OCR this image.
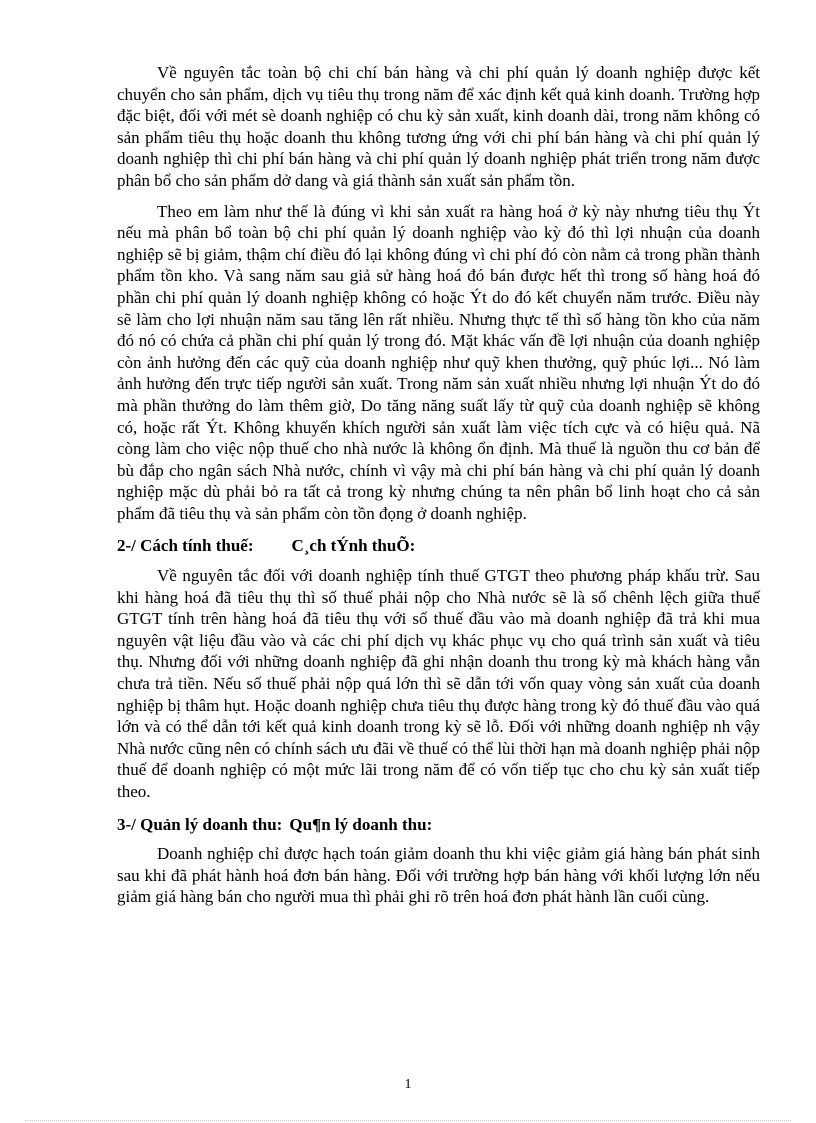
Về nguyên tắc toàn bộ chi chí bán hàng và chi phí quản lý doanh nghiệp được kết chuyển cho sản phẩm, dịch vụ tiêu thụ trong năm để xác định kết quả kinh doanh. Trường hợp đặc biệt, đối với mét sè doanh nghiệp có chu kỳ sản xuất, kinh doanh dài, trong năm không có sản phẩm tiêu thụ hoặc doanh thu không tương ứng với chi phí bán hàng và chi phí quản lý doanh nghiệp thì chi phí bán hàng và chi phí quản lý doanh nghiệp phát triển trong năm được phân bổ cho sản phẩm dở dang và giá thành sản xuất sản phẩm tồn.

Theo em làm như thế là đúng vì khi sản xuất ra hàng hoá ở kỳ này nhưng tiêu thụ Ýt nếu mà phân bổ toàn bộ chi phí quản lý doanh nghiệp vào kỳ đó thì lợi nhuận của doanh nghiệp sẽ bị giảm, thậm chí điều đó lại không đúng vì chi phí đó còn nằm cả trong phần thành phẩm tồn kho. Và sang năm sau giả sử hàng hoá đó bán được hết thì trong số hàng hoá đó phần chi phí quản lý doanh nghiệp không có hoặc Ýt do đó kết chuyển năm trước. Điều này sẽ làm cho lợi nhuận năm sau tăng lên rất nhiều. Nhưng thực tế thì số hàng tồn kho của năm đó nó có chứa cả phần chi phí quản lý trong đó. Mặt khác vấn đề lợi nhuận của doanh nghiệp còn ảnh hưởng đến các quỹ của doanh nghiệp như quỹ khen thưởng, quỹ phúc lợi... Nó làm ảnh hưởng đến trực tiếp người sản xuất. Trong năm sản xuất nhiều nhưng lợi nhuận Ýt do đó mà phần thưởng do làm thêm giờ, Do tăng năng suất lấy từ quỹ của doanh nghiệp sẽ không có, hoặc rất Ýt. Không khuyến khích người sản xuất làm việc tích cực và có hiệu quả. Nã còng làm cho việc nộp thuế cho nhà nước là không ổn định. Mà thuế là nguồn thu cơ bản để bù đắp cho ngân sách Nhà nước, chính vì vậy mà chi phí bán hàng và chi phí quản lý doanh nghiệp mặc dù phải bỏ ra tất cả trong kỳ nhưng chúng ta nên phân bổ linh hoạt cho cả sản phẩm đã tiêu thụ và sản phẩm còn tồn đọng ở doanh nghiệp.

2-/ Cách tính thuế: C¸ch tÝnh thuÕ:

Về nguyên tắc đối với doanh nghiệp tính thuế GTGT theo phương pháp khấu trừ. Sau khi hàng hoá đã tiêu thụ thì số thuế phải nộp cho Nhà nước sẽ là số chênh lệch giữa thuế GTGT tính trên hàng hoá đã tiêu thụ với số thuế đầu vào mà doanh nghiệp đã trả khi mua nguyên vật liệu đầu vào và các chi phí dịch vụ khác phục vụ cho quá trình sản xuất và tiêu thụ. Nhưng đối với những doanh nghiệp đã ghi nhận doanh thu trong kỳ mà khách hàng vẫn chưa trả tiền. Nếu số thuế phải nộp quá lớn thì sẽ dẫn tới vốn quay vòng sản xuất của doanh nghiệp bị thâm hụt. Hoặc doanh nghiệp chưa tiêu thụ được hàng trong kỳ đó thuế đầu vào quá lớn và có thể dẫn tới kết quả kinh doanh trong kỳ sẽ lỗ. Đối với những doanh nghiệp nh vậy Nhà nước cũng nên có chính sách ưu đãi về thuế có thể lùi thời hạn mà doanh nghiệp phải nộp thuế để doanh nghiệp có một mức lãi trong năm để có vốn tiếp tục cho chu kỳ sản xuất tiếp theo.

3-/ Quản lý doanh thu: Qu¶n lý doanh thu:

Doanh nghiệp chỉ được hạch toán giảm doanh thu khi việc giảm giá hàng bán phát sinh sau khi đã phát hành hoá đơn bán hàng. Đối với trường hợp bán hàng với khối lượng lớn nếu giảm giá hàng bán cho người mua thì phải ghi rõ trên hoá đơn phát hành lần cuối cùng.

1
